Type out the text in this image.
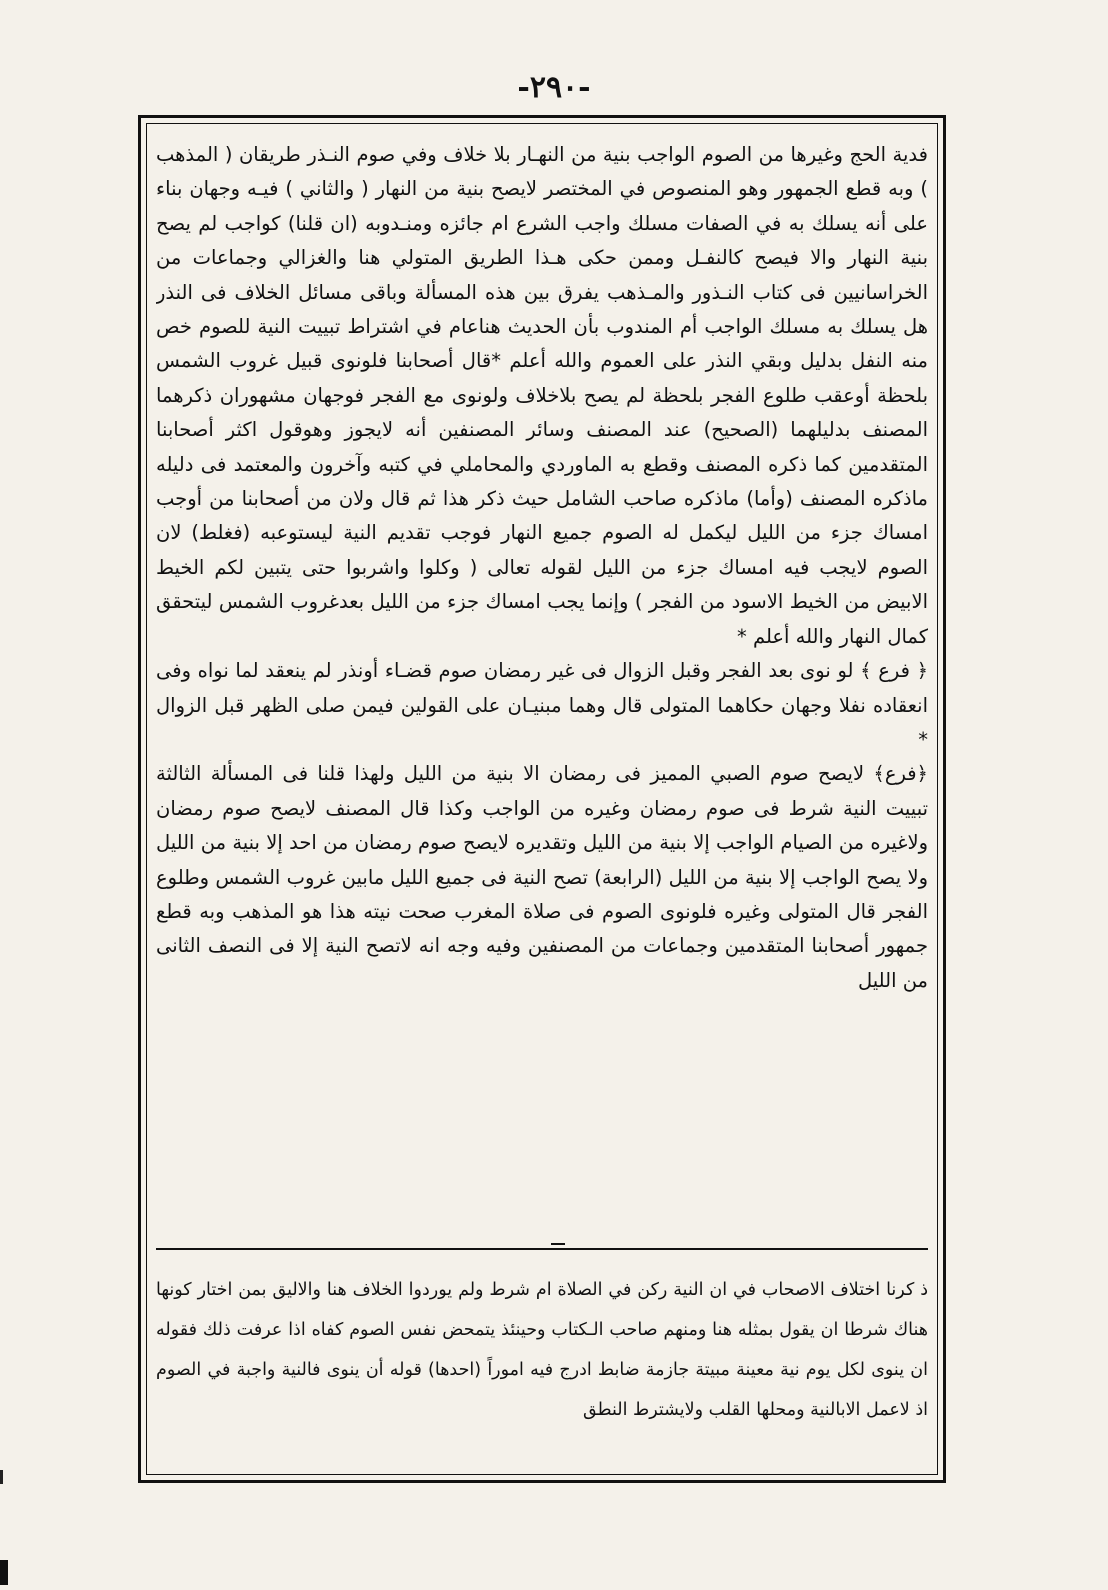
-٢٩٠-

فدية الحج وغيرها من الصوم الواجب بنية من النهـار بلا خلاف وفي صوم النـذر طريقان ( المذهب ) وبه قطع الجمهور وهو المنصوص في المختصر لايصح بنية من النهار ( والثاني ) فيـه وجهان بناء على أنه يسلك به في الصفات مسلك واجب الشرع ام جائزه ومنـدوبه (ان قلنا) كواجب لم يصح بنية النهار والا فيصح كالنفـل وممن حكى هـذا الطريق المتولي هنا والغزالي وجماعات من الخراسانيين فى كتاب النـذور والمـذهب يفرق بين هذه المسألة وباقى مسائل الخلاف فى النذر هل يسلك به مسلك الواجب أم المندوب بأن الحديث هناعام في اشتراط تبييت النية للصوم خص منه النفل بدليل وبقي النذر على العموم والله أعلم *قال أصحابنا فلونوى قبيل غروب الشمس بلحظة أوعقب طلوع الفجر بلحظة لم يصح بلاخلاف ولونوى مع الفجر فوجهان مشهوران ذكرهما المصنف بدليلهما (الصحيح) عند المصنف وسائر المصنفين أنه لايجوز وهوقول اكثر أصحابنا المتقدمين كما ذكره المصنف وقطع به الماوردي والمحاملي في كتبه وآخرون والمعتمد فى دليله ماذكره المصنف (وأما) ماذكره صاحب الشامل حيث ذكر هذا ثم قال ولان من أصحابنا من أوجب امساك جزء من الليل ليكمل له الصوم جميع النهار فوجب تقديم النية ليستوعبه (فغلط) لان الصوم لايجب فيه امساك جزء من الليل لقوله تعالى ( وكلوا واشربوا حتى يتبين لكم الخيط الابيض من الخيط الاسود من الفجر ) وإنما يجب امساك جزء من الليل بعدغروب الشمس ليتحقق كمال النهار والله أعلم *

﴿ فرع ﴾ لو نوى بعد الفجر وقبل الزوال فى غير رمضان صوم قضـاء أونذر لم ينعقد لما نواه وفى انعقاده نفلا وجهان حكاهما المتولى قال وهما مبنيـان على القولين فيمن صلى الظهر قبل الزوال *

﴿فرع﴾ لايصح صوم الصبي المميز فى رمضان الا بنية من الليل ولهذا قلنا فى المسألة الثالثة تبييت النية شرط فى صوم رمضان وغيره من الواجب وكذا قال المصنف لايصح صوم رمضان ولاغيره من الصيام الواجب إلا بنية من الليل وتقديره لايصح صوم رمضان من احد إلا بنية من الليل ولا يصح الواجب إلا بنية من الليل (الرابعة) تصح النية فى جميع الليل مابين غروب الشمس وطلوع الفجر قال المتولى وغيره فلونوى الصوم فى صلاة المغرب صحت نيته هذا هو المذهب وبه قطع جمهور أصحابنا المتقدمين وجماعات من المصنفين وفيه وجه انه لاتصح النية إلا فى النصف الثانى من الليل

ذ كرنا اختلاف الاصحاب في ان النية ركن في الصلاة ام شرط ولم يوردوا الخلاف هنا والاليق بمن اختار كونها هناك شرطا ان يقول بمثله هنا ومنهم صاحب الـكتاب وحينئذ يتمحض نفس الصوم كفاه اذا عرفت ذلك فقوله ان ينوى لكل يوم نية معينة مبيتة جازمة ضابط ادرج فيه اموراً (احدها) قوله أن ينوى فالنية واجبة في الصوم اذ لاعمل الابالنية ومحلها القلب ولايشترط النطق
